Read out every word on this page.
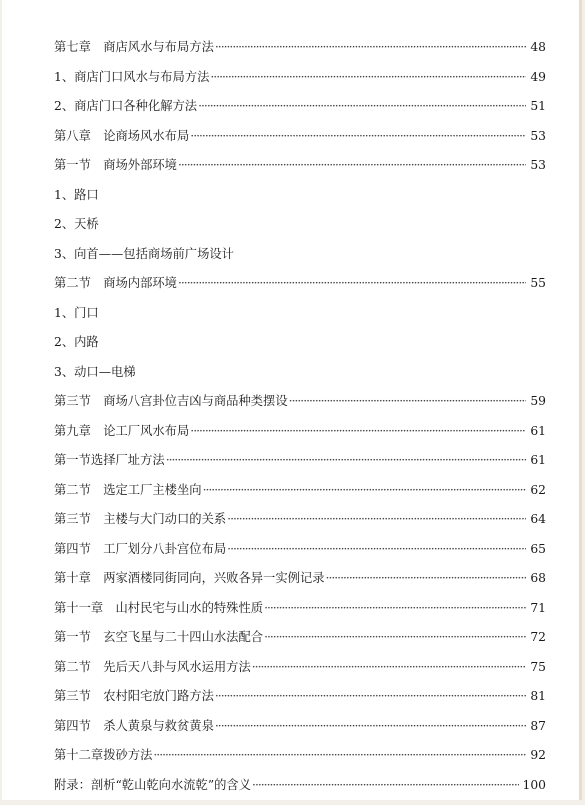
第七章　商店风水与布局方法 ·····	48
1、商店门口风水与布局方法 ·····	49
2、商店门口各种化解方法 ·····	51
第八章　论商场风水布局 ·····	53
第一节　商场外部环境 ·····	53
1、路口
2、天桥
3、向首——包括商场前广场设计
第二节　商场内部环境 ·····	55
1、门口
2、内路
3、动口—电梯
第三节　商场八宫卦位吉凶与商品种类摆设 ·····	59
第九章　论工厂风水布局 ·····	61
第一节选择厂址方法 ·····	61
第二节　选定工厂主楼坐向 ·····	62
第三节　主楼与大门动口的关系 ·····	64
第四节　工厂划分八卦宫位布局 ·····	65
第十章　两家酒楼同街同向，兴败各异一实例记录 ·····	68
第十一章　山村民宅与山水的特殊性质 ·····	71
第一节　玄空飞星与二十四山水法配合 ·····	72
第二节　先后天八卦与风水运用方法 ·····	75
第三节　农村阳宅放门路方法 ·····	81
第四节　杀人黄泉与救贫黄泉 ·····	87
第十二章拨砂方法 ·····	92
附录：剖析“乾山乾向水流乾”的含义 ·····	100
